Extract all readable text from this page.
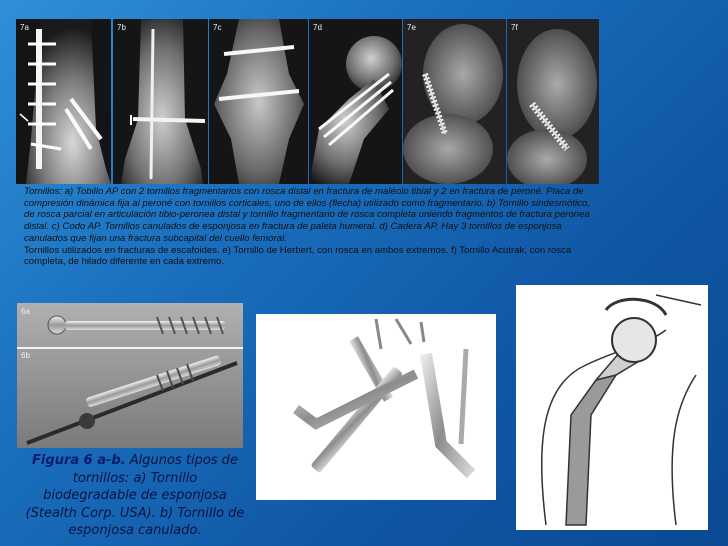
7a	7b	7c	7d	7e	7f

Tornillos: a) Tobillo AP con 2 tornillos fragmentarios con rosca distal en fractura de maléolo tibial y 2 en fractura de peroné. Placa de compresión dinámica fija al peroné con tornillos corticales, uno de ellos (flecha) utilizado como fragmentario. b) Tornillo sindesmótico, de rosca parcial en articulación tibio-peronea distal y tornillo fragmentario de rosca completa uniendo fragmentos de fractura peronea distal. c) Codo AP. Tornillos canulados de esponjosa en fractura de paleta humeral. d) Cadera AP. Hay 3 tornillos de esponjosa canulados que fijan una fractura subcapital del cuello femoral.

Tornillos utilizados en fracturas de escafoides. e) Tornillo de Herbert, con rosca en ambos extremos. f) Tornillo Acutrak, con rosca completa, de hilado diferente en cada extremo.

6a
6b
Figura 6 a-b. Algunos tipos de tornillos: a) Tornillo biodegradable de esponjosa (Stealth Corp. USA). b) Tornillo de esponjosa canulado.
